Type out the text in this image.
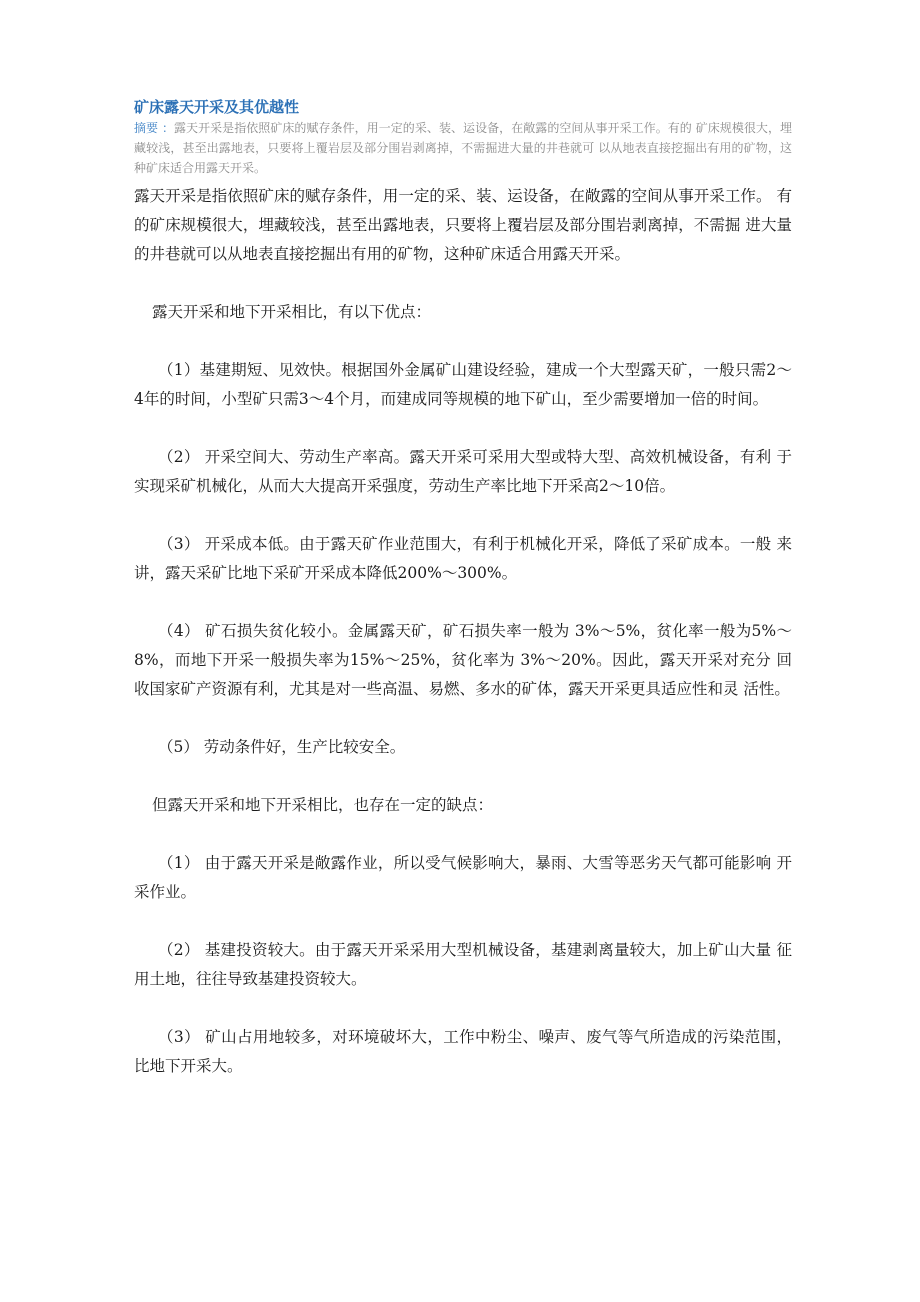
矿床露天开采及其优越性

摘要 ：露天开采是指依照矿床的赋存条件，用一定的采、装、运设备，在敞露的空间从事开采工作。有的 矿床规模很大，埋藏较浅，甚至出露地表，只要将上覆岩层及部分围岩剥离掉，不需掘进大量的井巷就可 以从地表直接挖掘出有用的矿物，这种矿床适合用露天开采。

露天开采是指依照矿床的赋存条件，用一定的采、装、运设备，在敞露的空间从事开采工作。 有的矿床规模很大，埋藏较浅，甚至出露地表，只要将上覆岩层及部分围岩剥离掉，不需掘 进大量的井巷就可以从地表直接挖掘出有用的矿物，这种矿床适合用露天开采。

露天开采和地下开采相比，有以下优点：

（1）基建期短、见效快。根据国外金属矿山建设经验，建成一个大型露天矿，一般只需2～4年的时间，小型矿只需3～4个月，而建成同等规模的地下矿山，至少需要增加一倍的时间。

（2） 开采空间大、劳动生产率高。露天开采可采用大型或特大型、高效机械设备，有利 于实现采矿机械化，从而大大提高开采强度，劳动生产率比地下开采高2～10倍。

（3） 开采成本低。由于露天矿作业范围大，有利于机械化开采，降低了采矿成本。一般 来讲，露天采矿比地下采矿开采成本降低200%～300%。

（4） 矿石损失贫化较小。金属露天矿，矿石损失率一般为 3%～5%，贫化率一般为5%～ 8%，而地下开采一般损失率为15%～25%，贫化率为 3%～20%。因此，露天开采对充分 回收国家矿产资源有利，尤其是对一些高温、易燃、多水的矿体，露天开采更具适应性和灵 活性。

（5） 劳动条件好，生产比较安全。

但露天开采和地下开采相比，也存在一定的缺点：

（1） 由于露天开采是敞露作业，所以受气候影响大，暴雨、大雪等恶劣天气都可能影响 开采作业。

（2） 基建投资较大。由于露天开采采用大型机械设备，基建剥离量较大，加上矿山大量 征用土地，往往导致基建投资较大。

（3） 矿山占用地较多，对环境破坏大，工作中粉尘、噪声、废气等气所造成的污染范围， 比地下开采大。
